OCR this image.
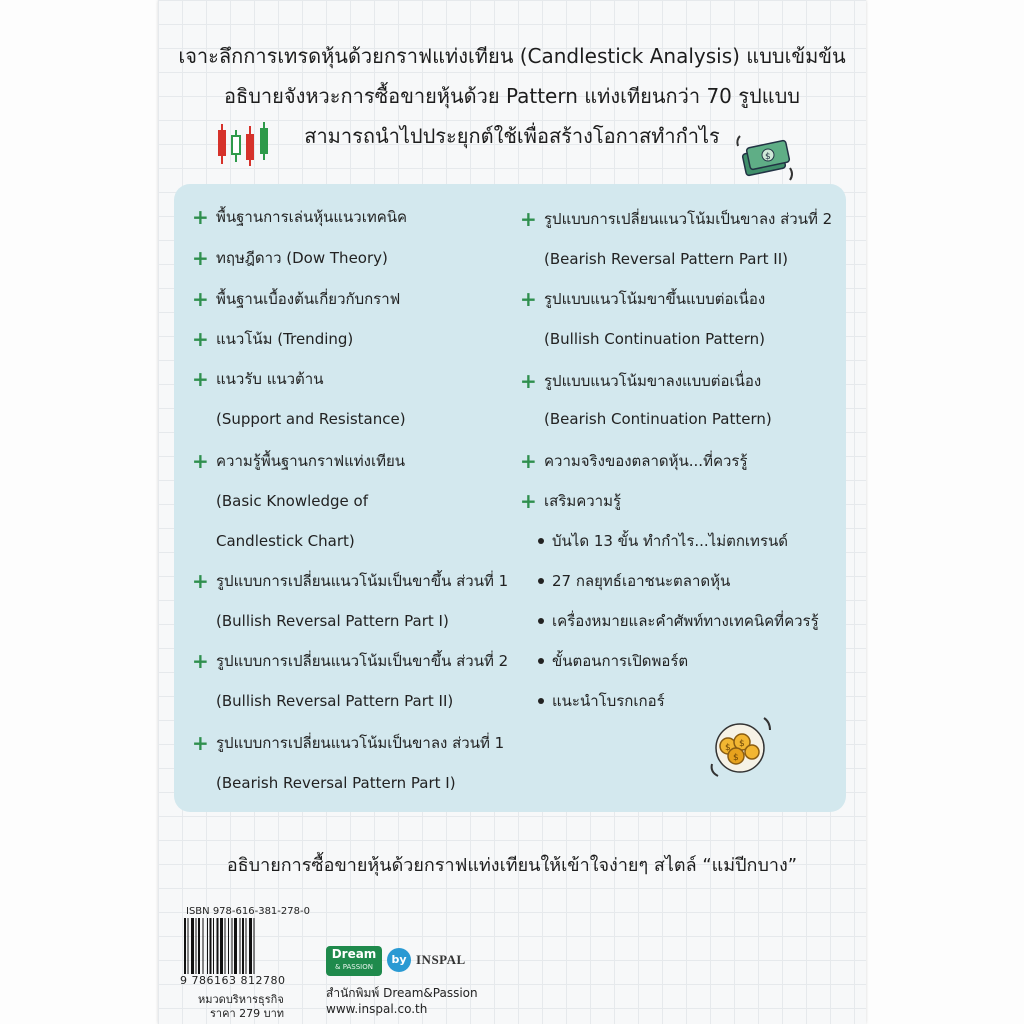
เจาะลึกการเทรดหุ้นด้วยกราฟแท่งเทียน (Candlestick Analysis) แบบเข้มข้น
อธิบายจังหวะการซื้อขายหุ้นด้วย Pattern แท่งเทียนกว่า 70 รูปแบบ
สามารถนำไปประยุกต์ใช้เพื่อสร้างโอกาสทำกำไร
$
+ พื้นฐานการเล่นหุ้นแนวเทคนิค
+ ทฤษฎีดาว (Dow Theory)
+ พื้นฐานเบื้องต้นเกี่ยวกับกราฟ
+ แนวโน้ม (Trending)
+ แนวรับ แนวต้าน
(Support and Resistance)
+ ความรู้พื้นฐานกราฟแท่งเทียน
(Basic Knowledge of
Candlestick Chart)
+ รูปแบบการเปลี่ยนแนวโน้มเป็นขาขึ้น ส่วนที่ 1
(Bullish Reversal Pattern Part I)
+ รูปแบบการเปลี่ยนแนวโน้มเป็นขาขึ้น ส่วนที่ 2
(Bullish Reversal Pattern Part II)
+ รูปแบบการเปลี่ยนแนวโน้มเป็นขาลง ส่วนที่ 1
(Bearish Reversal Pattern Part I)
+ รูปแบบการเปลี่ยนแนวโน้มเป็นขาลง ส่วนที่ 2
(Bearish Reversal Pattern Part II)
+ รูปแบบแนวโน้มขาขึ้นแบบต่อเนื่อง
(Bullish Continuation Pattern)
+ รูปแบบแนวโน้มขาลงแบบต่อเนื่อง
(Bearish Continuation Pattern)
+ ความจริงของตลาดหุ้น...ที่ควรรู้
+ เสริมความรู้
บันได 13 ขั้น ทำกำไร...ไม่ตกเทรนด์
27 กลยุทธ์เอาชนะตลาดหุ้น
เครื่องหมายและคำศัพท์ทางเทคนิคที่ควรรู้
ขั้นตอนการเปิดพอร์ต
แนะนำโบรกเกอร์
$ $
$
อธิบายการซื้อขายหุ้นด้วยกราฟแท่งเทียนให้เข้าใจง่ายๆ สไตล์ “แม่ปีกบาง”
ISBN 978-616-381-278-0
9 786163 812780
หมวดบริหารธุรกิจ
ราคา 279 บาท
Dream
& PASSION
by INSPAL
สำนักพิมพ์ Dream&Passion
www.inspal.co.th
